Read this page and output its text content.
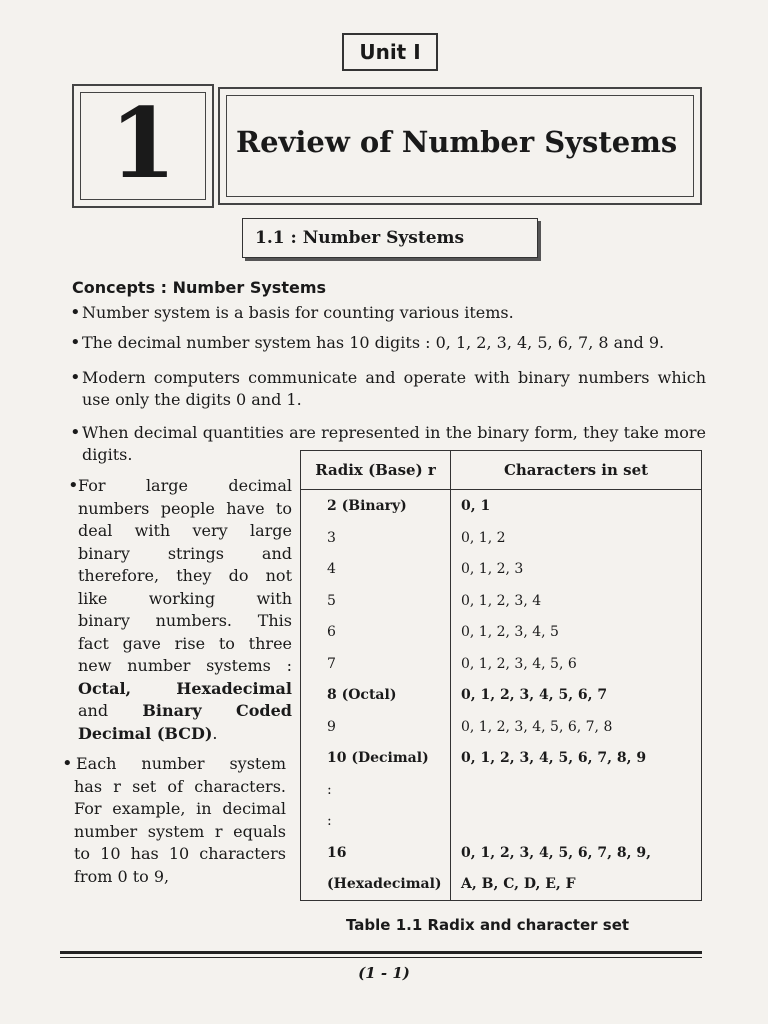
Unit I
1	Review of Number Systems
1.1 : Number Systems
Concepts : Number Systems
• Number system is a basis for counting various items.
• The decimal number system has 10 digits : 0, 1, 2, 3, 4, 5, 6, 7, 8 and 9.
• Modern computers communicate and operate with binary numbers which use only the digits 0 and 1.
• When decimal quantities are represented in the binary form, they take more digits.
• For large decimal
numbers people have to
deal with very large
binary strings and
therefore, they do not
like working with
binary numbers. This
fact gave rise to three
new number systems :
Octal,	Hexadecimal
and Binary Coded
Decimal (BCD).
• Each number system
has r set of characters.
For example, in decimal
number system r equals
to 10 has 10 characters
from 0 to 9,
Radix (Base) r	Characters in set
2 (Binary)	0, 1
3	0, 1, 2
4	0, 1, 2, 3
5	0, 1, 2, 3, 4
6	0, 1, 2, 3, 4, 5
7	0, 1, 2, 3, 4, 5, 6
8 (Octal)	0, 1, 2, 3, 4, 5, 6, 7
9	0, 1, 2, 3, 4, 5, 6, 7, 8
10 (Decimal)	0, 1, 2, 3, 4, 5, 6, 7, 8, 9
:	
:	
16	0, 1, 2, 3, 4, 5, 6, 7, 8, 9,
(Hexadecimal)	A, B, C, D, E, F
Table 1.1 Radix and character set
(1 - 1)
